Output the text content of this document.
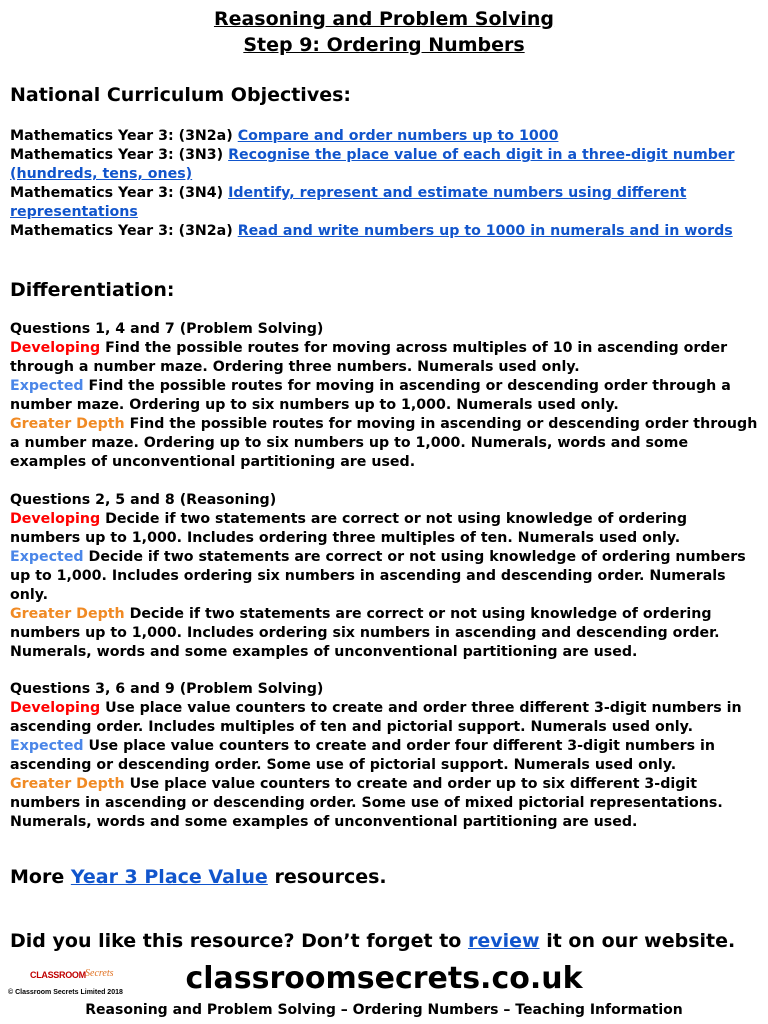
Reasoning and Problem Solving
Step 9: Ordering Numbers
National Curriculum Objectives:

Mathematics Year 3: (3N2a) Compare and order numbers up to 1000

Mathematics Year 3: (3N3) Recognise the place value of each digit in a three-digit number (hundreds, tens, ones)

Mathematics Year 3: (3N4) Identify, represent and estimate numbers using different representations

Mathematics Year 3: (3N2a) Read and write numbers up to 1000 in numerals and in words

Differentiation:

Questions 1, 4 and 7 (Problem Solving)

Developing Find the possible routes for moving across multiples of 10 in ascending order through a number maze. Ordering three numbers. Numerals used only.

Expected Find the possible routes for moving in ascending or descending order through a number maze. Ordering up to six numbers up to 1,000. Numerals used only.

Greater Depth Find the possible routes for moving in ascending or descending order through a number maze. Ordering up to six numbers up to 1,000. Numerals, words and some examples of unconventional partitioning are used.

Questions 2, 5 and 8 (Reasoning)

Developing Decide if two statements are correct or not using knowledge of ordering numbers up to 1,000. Includes ordering three multiples of ten. Numerals used only.

Expected Decide if two statements are correct or not using knowledge of ordering numbers up to 1,000. Includes ordering six numbers in ascending and descending order. Numerals only.

Greater Depth Decide if two statements are correct or not using knowledge of ordering numbers up to 1,000. Includes ordering six numbers in ascending and descending order. Numerals, words and some examples of unconventional partitioning are used.

Questions 3, 6 and 9 (Problem Solving)

Developing Use place value counters to create and order three different 3-digit numbers in ascending order. Includes multiples of ten and pictorial support. Numerals used only.

Expected Use place value counters to create and order four different 3-digit numbers in ascending or descending order. Some use of pictorial support. Numerals used only.

Greater Depth Use place value counters to create and order up to six different 3-digit numbers in ascending or descending order. Some use of mixed pictorial representations. Numerals, words and some examples of unconventional partitioning are used.

More Year 3 Place Value resources.
Did you like this resource? Don’t forget to review it on our website.
CLASSROOM Secrets
© Classroom Secrets Limited 2018	classroomsecrets.co.uk
Reasoning and Problem Solving – Ordering Numbers – Teaching Information
